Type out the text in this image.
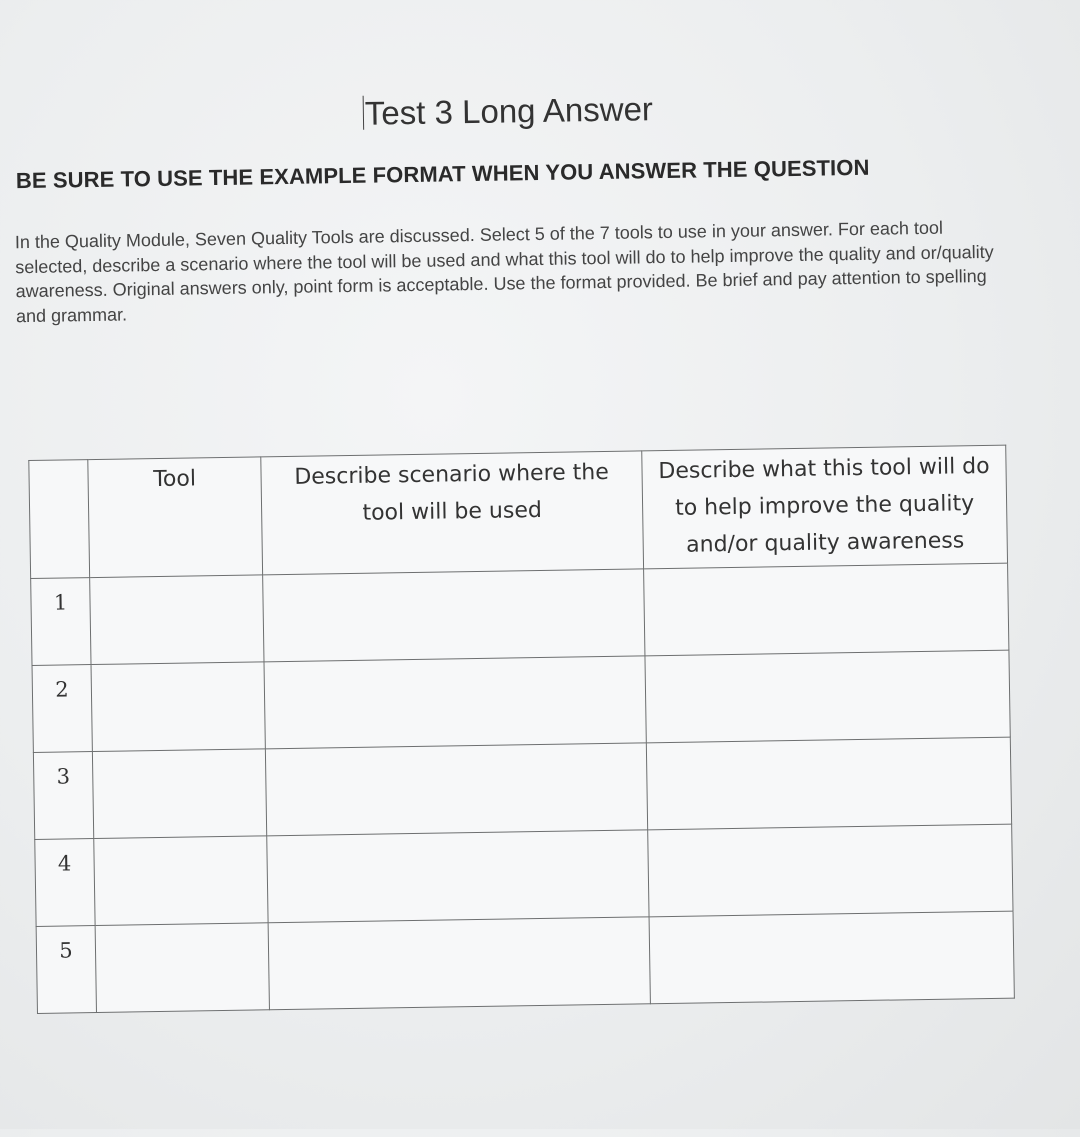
Test 3 Long Answer

BE SURE TO USE THE EXAMPLE FORMAT WHEN YOU ANSWER THE QUESTION

In the Quality Module, Seven Quality Tools are discussed. Select 5 of the 7 tools to use in your answer. For each tool selected, describe a scenario where the tool will be used and what this tool will do to help improve the quality and or/quality awareness. Original answers only, point form is acceptable. Use the format provided. Be brief and pay attention to spelling and grammar.

	Tool	Describe scenario where the tool will be used	Describe what this tool will do to help improve the quality and/or quality awareness
1			
2			
3			
4			
5			
